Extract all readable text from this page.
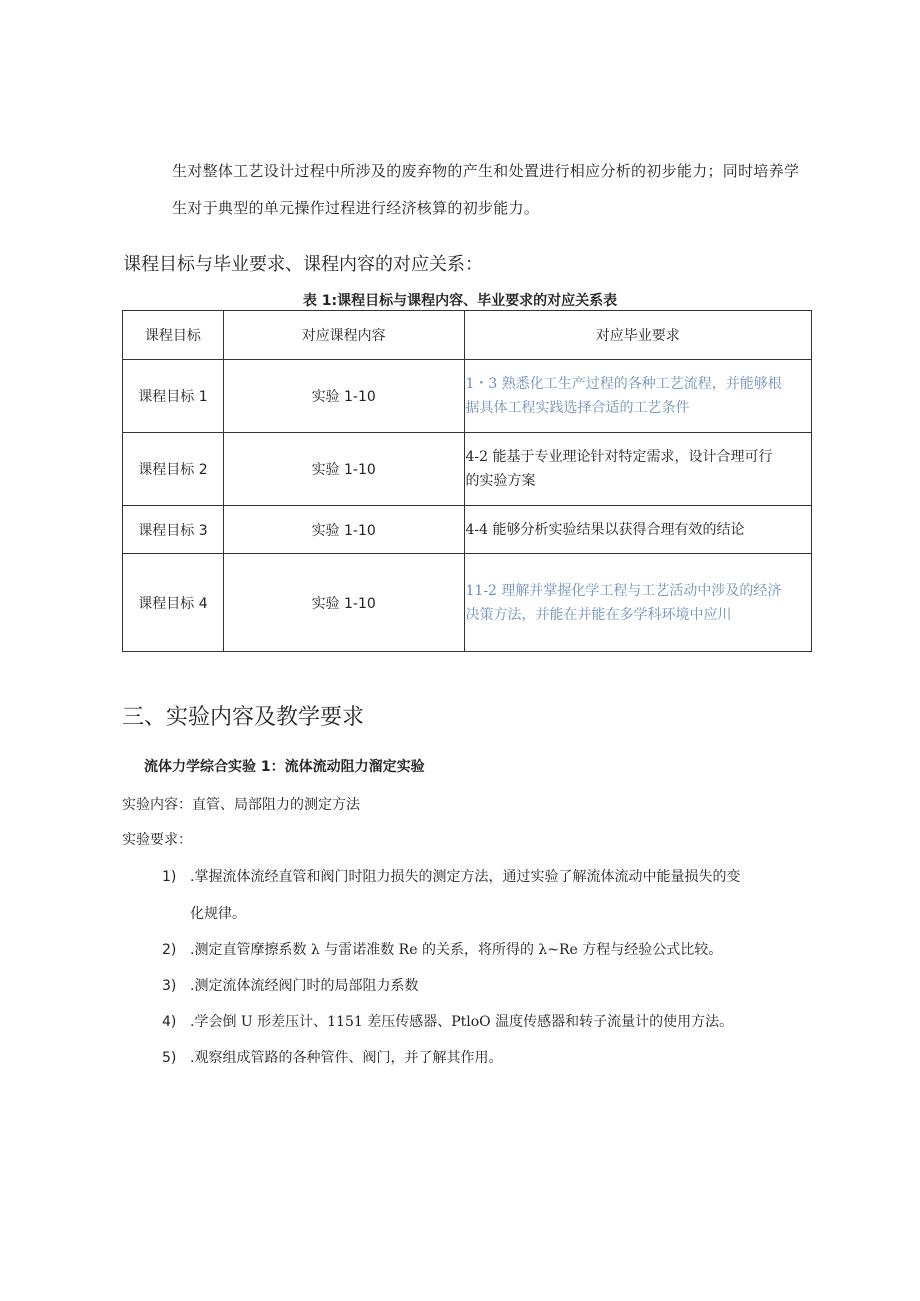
生对整体工艺设计过程中所涉及的废弃物的产生和处置进行相应分析的初步能力；同时培养学
生对于典型的单元操作过程进行经济核算的初步能力。
课程目标与毕业要求、课程内容的对应关系：
表 1:课程目标与课程内容、毕业要求的对应关系表
课程目标	对应课程内容	对应毕业要求
课程目标 1	实验 1-10	1・3 熟悉化工生产过程的各种工艺流程，并能够根
据具体工程实践选择合适的工艺条件

课程目标 2	实验 1-10	4-2 能基于专业理论针对特定需求，设计合理可行
的实验方案

课程目标 3	实验 1-10	4-4 能够分析实验结果以获得合理有效的结论

课程目标 4	实验 1-10	11-2 理解并掌握化学工程与工艺活动中涉及的经济
决策方法，并能在并能在多学科环境中应川
三、实验内容及教学要求
流体力学综合实验 1：流体流动阻力溜定实验
实验内容：直管、局部阻力的测定方法
实验要求：
1) .掌握流体流经直管和阀门时阻力损失的测定方法，通过实验了解流体流动中能量损失的变
化规律。
2) .测定直管摩擦系数 λ 与雷诺准数 Re 的关系，将所得的 λ~Re 方程与经验公式比较。
3) .测定流体流经阀门时的局部阻力系数
4) .学会倒 U 形差压计、1151 差压传感器、PtloO 温度传感器和转子流量计的使用方法。
5) .观察组成管路的各种管件、阀门，并了解其作用。
